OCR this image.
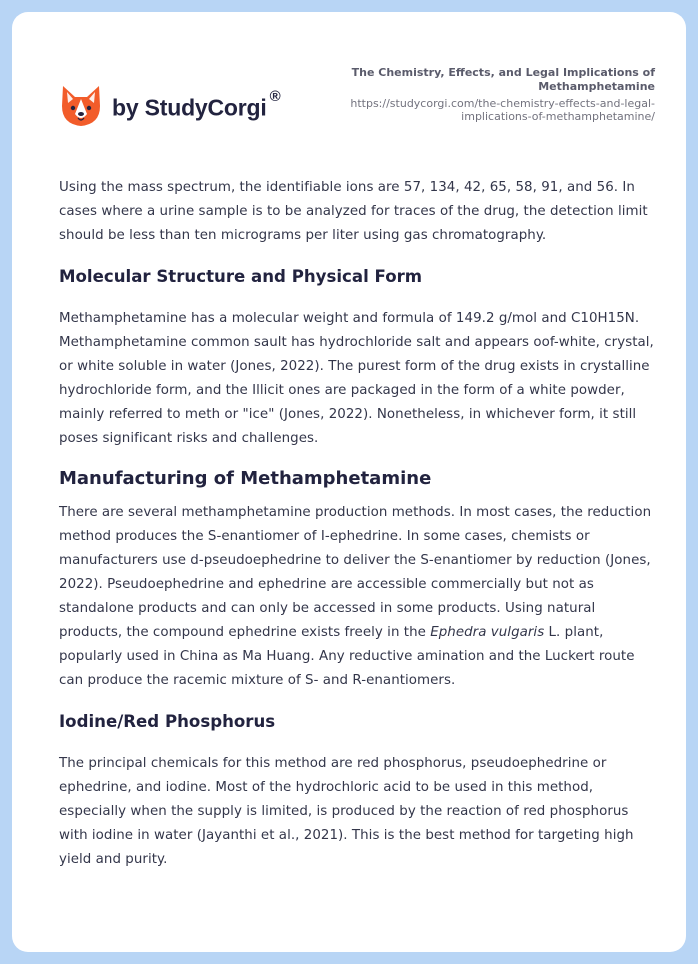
by StudyCorgi ®
The Chemistry, Effects, and Legal Implications of Methamphetamine
https://studycorgi.com/the-chemistry-effects-and-legal-implications-of-methamphetamine/

Using the mass spectrum, the identifiable ions are 57, 134, 42, 65, 58, 91, and 56. In cases where a urine sample is to be analyzed for traces of the drug, the detection limit should be less than ten micrograms per liter using gas chromatography.

Molecular Structure and Physical Form

Methamphetamine has a molecular weight and formula of 149.2 g/mol and C10H15N. Methamphetamine common sault has hydrochloride salt and appears oof-white, crystal, or white soluble in water (Jones, 2022). The purest form of the drug exists in crystalline hydrochloride form, and the Illicit ones are packaged in the form of a white powder, mainly referred to meth or "ice" (Jones, 2022). Nonetheless, in whichever form, it still poses significant risks and challenges.

Manufacturing of Methamphetamine

There are several methamphetamine production methods. In most cases, the reduction method produces the S-enantiomer of I-ephedrine. In some cases, chemists or manufacturers use d-pseudoephedrine to deliver the S-enantiomer by reduction (Jones, 2022). Pseudoephedrine and ephedrine are accessible commercially but not as standalone products and can only be accessed in some products. Using natural products, the compound ephedrine exists freely in the Ephedra vulgaris L. plant, popularly used in China as Ma Huang. Any reductive amination and the Luckert route can produce the racemic mixture of S- and R-enantiomers.

Iodine/Red Phosphorus

The principal chemicals for this method are red phosphorus, pseudoephedrine or ephedrine, and iodine. Most of the hydrochloric acid to be used in this method, especially when the supply is limited, is produced by the reaction of red phosphorus with iodine in water (Jayanthi et al., 2021). This is the best method for targeting high yield and purity.
